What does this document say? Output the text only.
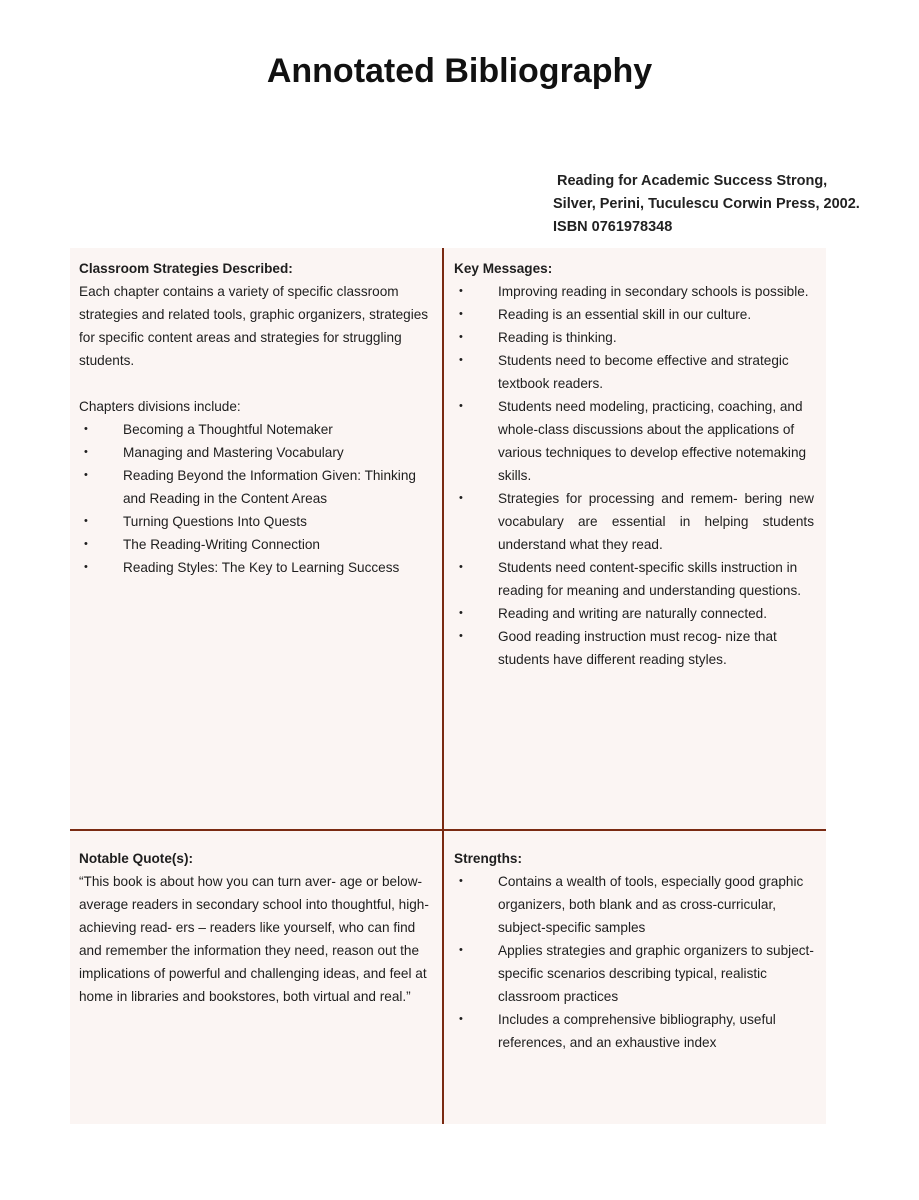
Annotated Bibliography
Reading for Academic Success Strong,
Silver, Perini, Tuculescu Corwin Press, 2002.
ISBN 0761978348
Classroom Strategies Described:

Each chapter contains a variety of specific classroom strategies and related tools, graphic organizers, strategies for specific content areas and strategies for struggling students.

Chapters divisions include:
• Becoming a Thoughtful Notemaker
• Managing and Mastering Vocabulary
• Reading Beyond the Information Given: Thinking and Reading in the Content Areas
• Turning Questions Into Quests
• The Reading-Writing Connection
• Reading Styles: The Key to Learning Success
Key Messages:
• Improving reading in secondary schools is possible.
• Reading is an essential skill in our culture.
• Reading is thinking.
• Students need to become effective and strategic textbook readers.
• Students need modeling, practicing, coaching, and whole-class discussions about the applications of various techniques to develop effective notemaking skills.
• Strategies for processing and remem- bering new vocabulary are essential in helping students understand what they read.
• Students need content-specific skills instruction in reading for meaning and understanding questions.
• Reading and writing are naturally connected.
• Good reading instruction must recog- nize that students have different reading styles.
Notable Quote(s):

“This book is about how you can turn aver- age or below-average readers in secondary school into thoughtful, high-achieving read- ers – readers like yourself, who can find and remember the information they need, reason out the implications of powerful and challenging ideas, and feel at home in libraries and bookstores, both virtual and real.”

Strengths:
• Contains a wealth of tools, especially good graphic organizers, both blank and as cross-curricular, subject-specific samples
• Applies strategies and graphic organizers to subject-specific scenarios describing typical, realistic classroom practices
• Includes a comprehensive bibliography, useful references, and an exhaustive index
